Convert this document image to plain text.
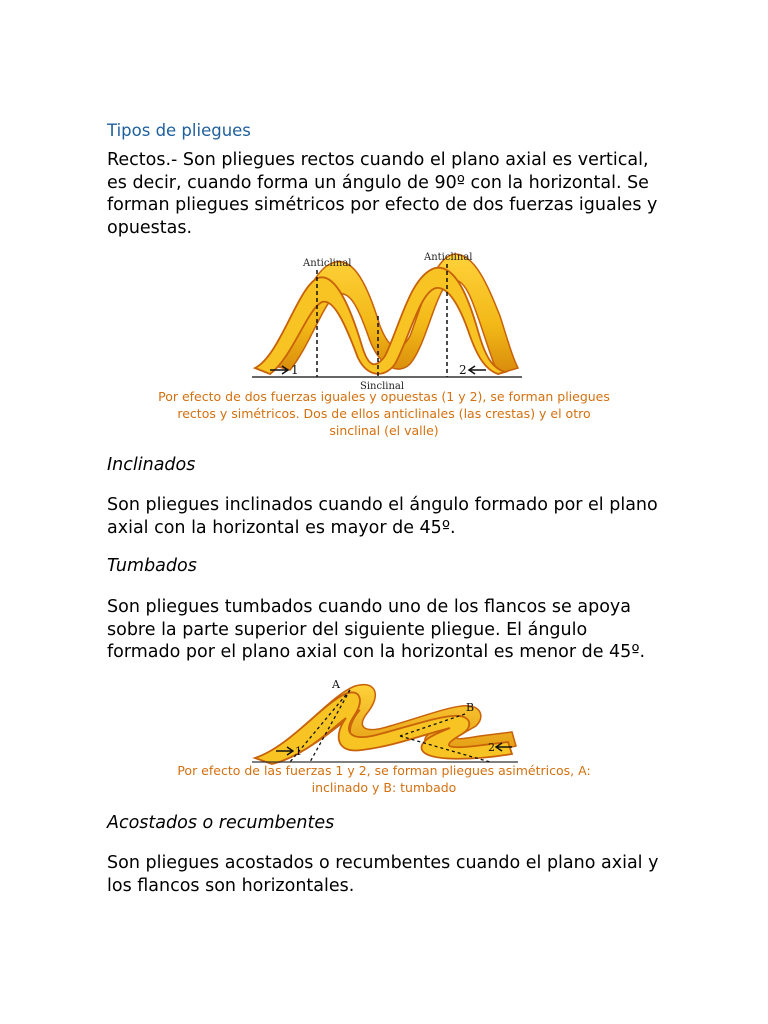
Tipos de pliegues
Rectos.- Son pliegues rectos cuando el plano axial es vertical,
es decir, cuando forma un ángulo de 90º con la horizontal. Se
forman pliegues simétricos por efecto de dos fuerzas iguales y
opuestas.
Anticlinal
Anticlinal
Sinclinal
1	2
Por efecto de dos fuerzas iguales y opuestas (1 y 2), se forman pliegues
rectos y simétricos. Dos de ellos anticlinales (las crestas) y el otro
sinclinal (el valle)
Inclinados
Son pliegues inclinados cuando el ángulo formado por el plano
axial con la horizontal es mayor de 45º.
Tumbados
Son pliegues tumbados cuando uno de los flancos se apoya
sobre la parte superior del siguiente pliegue. El ángulo
formado por el plano axial con la horizontal es menor de 45º.
A
B
1	2
Por efecto de las fuerzas 1 y 2, se forman pliegues asimétricos, A:
inclinado y B: tumbado
Acostados o recumbentes
Son pliegues acostados o recumbentes cuando el plano axial y
los flancos son horizontales.
